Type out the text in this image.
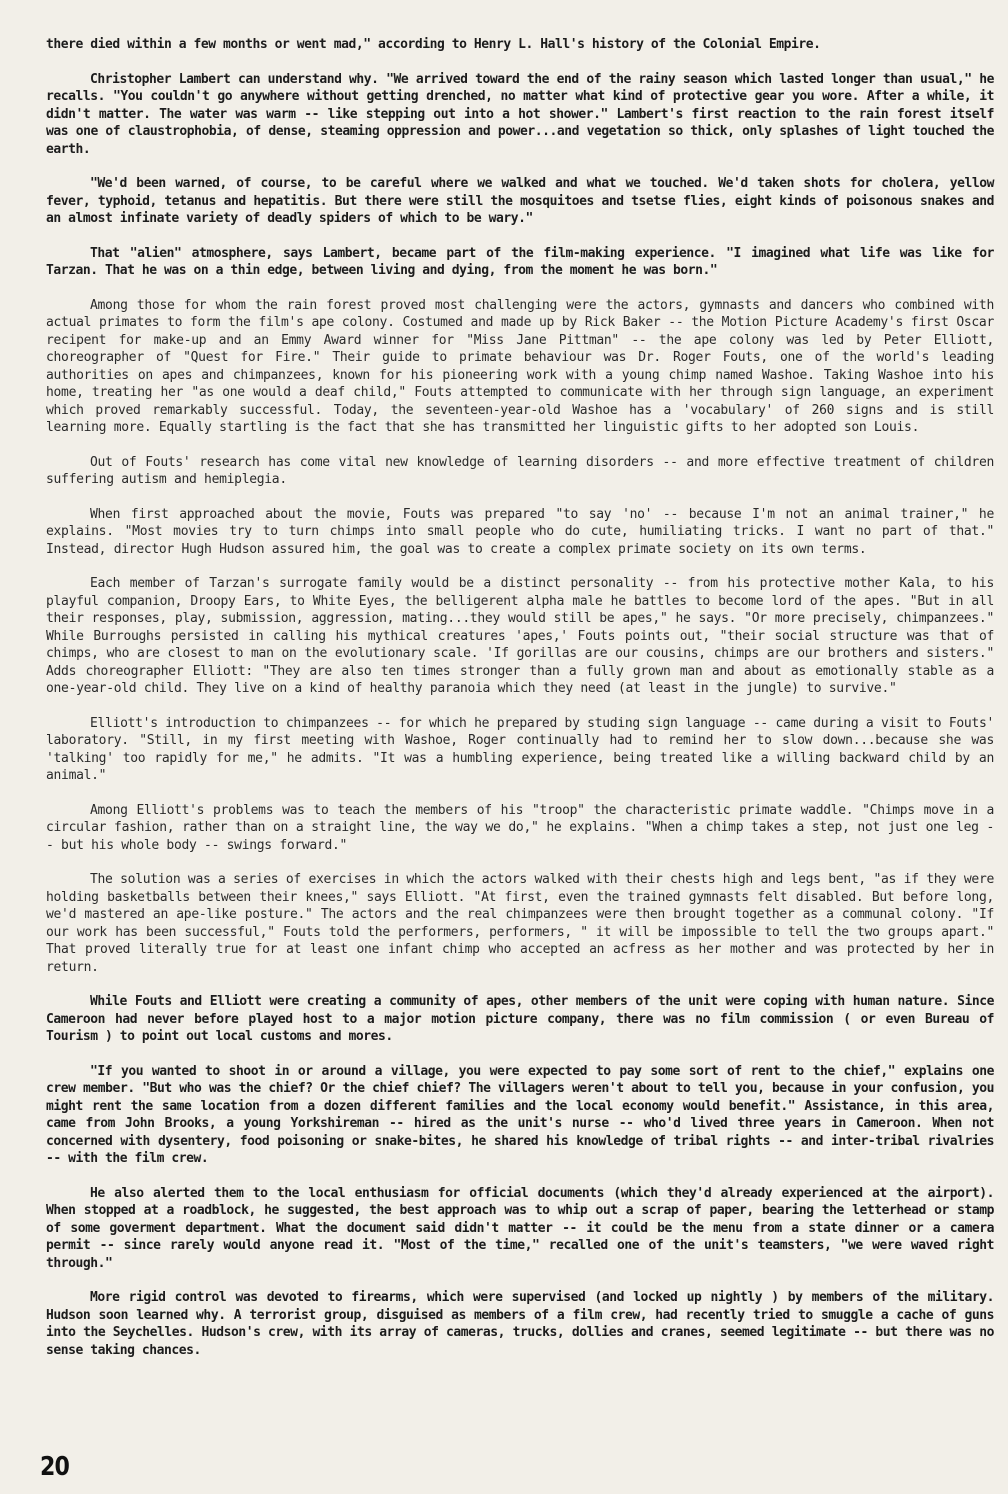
there died within a few months or went mad," according to Henry L. Hall's history of the Colonial Empire.

Christopher Lambert can understand why. "We arrived toward the end of the rainy season which lasted longer than usual," he recalls. "You couldn't go anywhere without getting drenched, no matter what kind of protective gear you wore. After a while, it didn't matter. The water was warm -- like stepping out into a hot shower." Lambert's first reaction to the rain forest itself was one of claustrophobia, of dense, steaming oppression and power...and vegetation so thick, only splashes of light touched the earth.

"We'd been warned, of course, to be careful where we walked and what we touched. We'd taken shots for cholera, yellow fever, typhoid, tetanus and hepatitis. But there were still the mosquitoes and tsetse flies, eight kinds of poisonous snakes and an almost infinate variety of deadly spiders of which to be wary."

That "alien" atmosphere, says Lambert, became part of the film-making experience. "I imagined what life was like for Tarzan. That he was on a thin edge, between living and dying, from the moment he was born."

Among those for whom the rain forest proved most challenging were the actors, gymnasts and dancers who combined with actual primates to form the film's ape colony. Costumed and made up by Rick Baker -- the Motion Picture Academy's first Oscar recipent for make-up and an Emmy Award winner for "Miss Jane Pittman" -- the ape colony was led by Peter Elliott, choreographer of "Quest for Fire." Their guide to primate behaviour was Dr. Roger Fouts, one of the world's leading authorities on apes and chimpanzees, known for his pioneering work with a young chimp named Washoe. Taking Washoe into his home, treating her "as one would a deaf child," Fouts attempted to communicate with her through sign language, an experiment which proved remarkably successful. Today, the seventeen-year-old Washoe has a 'vocabulary' of 260 signs and is still learning more. Equally startling is the fact that she has transmitted her linguistic gifts to her adopted son Louis.

Out of Fouts' research has come vital new knowledge of learning disorders -- and more effective treatment of children suffering autism and hemiplegia.

When first approached about the movie, Fouts was prepared "to say 'no' -- because I'm not an animal trainer," he explains. "Most movies try to turn chimps into small people who do cute, humiliating tricks. I want no part of that." Instead, director Hugh Hudson assured him, the goal was to create a complex primate society on its own terms.

Each member of Tarzan's surrogate family would be a distinct personality -- from his protective mother Kala, to his playful companion, Droopy Ears, to White Eyes, the belligerent alpha male he battles to become lord of the apes. "But in all their responses, play, submission, aggression, mating...they would still be apes," he says. "Or more precisely, chimpanzees." While Burroughs persisted in calling his mythical creatures 'apes,' Fouts points out, "their social structure was that of chimps, who are closest to man on the evolutionary scale. 'If gorillas are our cousins, chimps are our brothers and sisters." Adds choreographer Elliott: "They are also ten times stronger than a fully grown man and about as emotionally stable as a one-year-old child. They live on a kind of healthy paranoia which they need (at least in the jungle) to survive."

Elliott's introduction to chimpanzees -- for which he prepared by studing sign language -- came during a visit to Fouts' laboratory. "Still, in my first meeting with Washoe, Roger continually had to remind her to slow down...because she was 'talking' too rapidly for me," he admits. "It was a humbling experience, being treated like a willing backward child by an animal."

Among Elliott's problems was to teach the members of his "troop" the characteristic primate waddle. "Chimps move in a circular fashion, rather than on a straight line, the way we do," he explains. "When a chimp takes a step, not just one leg -- but his whole body -- swings forward."

The solution was a series of exercises in which the actors walked with their chests high and legs bent, "as if they were holding basketballs between their knees," says Elliott. "At first, even the trained gymnasts felt disabled. But before long, we'd mastered an ape-like posture." The actors and the real chimpanzees were then brought together as a communal colony. "If our work has been successful," Fouts told the performers, performers, " it will be impossible to tell the two groups apart." That proved literally true for at least one infant chimp who accepted an acfress as her mother and was protected by her in return.

While Fouts and Elliott were creating a community of apes, other members of the unit were coping with human nature. Since Cameroon had never before played host to a major motion picture company, there was no film commission ( or even Bureau of Tourism ) to point out local customs and mores.

"If you wanted to shoot in or around a village, you were expected to pay some sort of rent to the chief," explains one crew member. "But who was the chief? Or the chief chief? The villagers weren't about to tell you, because in your confusion, you might rent the same location from a dozen different families and the local economy would benefit." Assistance, in this area, came from John Brooks, a young Yorkshireman -- hired as the unit's nurse -- who'd lived three years in Cameroon. When not concerned with dysentery, food poisoning or snake-bites, he shared his knowledge of tribal rights -- and inter-tribal rivalries -- with the film crew.

He also alerted them to the local enthusiasm for official documents (which they'd already experienced at the airport). When stopped at a roadblock, he suggested, the best approach was to whip out a scrap of paper, bearing the letterhead or stamp of some goverment department. What the document said didn't matter -- it could be the menu from a state dinner or a camera permit -- since rarely would anyone read it. "Most of the time," recalled one of the unit's teamsters, "we were waved right through."

More rigid control was devoted to firearms, which were supervised (and locked up nightly ) by members of the military. Hudson soon learned why. A terrorist group, disguised as members of a film crew, had recently tried to smuggle a cache of guns into the Seychelles. Hudson's crew, with its array of cameras, trucks, dollies and cranes, seemed legitimate -- but there was no sense taking chances.

20
